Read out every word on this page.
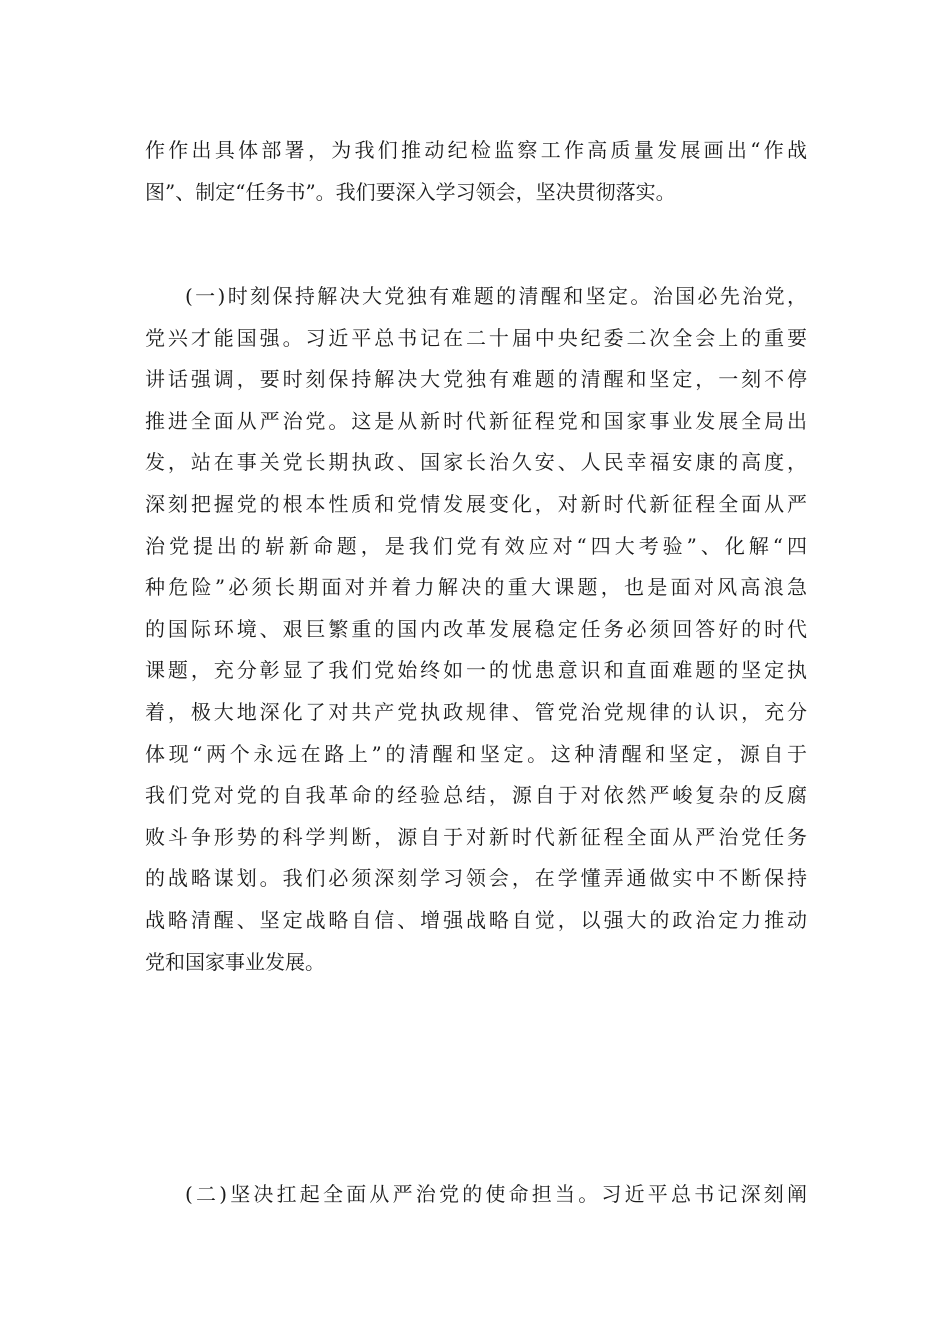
作作出具体部署，为我们推动纪检监察工作高质量发展画出“作战
图”、制定“任务书”。我们要深入学习领会，坚决贯彻落实。
(一)时刻保持解决大党独有难题的清醒和坚定。治国必先治党，
党兴才能国强。习近平总书记在二十届中央纪委二次全会上的重要
讲话强调，要时刻保持解决大党独有难题的清醒和坚定，一刻不停
推进全面从严治党。这是从新时代新征程党和国家事业发展全局出
发，站在事关党长期执政、国家长治久安、人民幸福安康的高度，
深刻把握党的根本性质和党情发展变化，对新时代新征程全面从严
治党提出的崭新命题，是我们党有效应对“四大考验”、化解“四
种危险”必须长期面对并着力解决的重大课题，也是面对风高浪急
的国际环境、艰巨繁重的国内改革发展稳定任务必须回答好的时代
课题，充分彰显了我们党始终如一的忧患意识和直面难题的坚定执
着，极大地深化了对共产党执政规律、管党治党规律的认识，充分
体现“两个永远在路上”的清醒和坚定。这种清醒和坚定，源自于
我们党对党的自我革命的经验总结，源自于对依然严峻复杂的反腐
败斗争形势的科学判断，源自于对新时代新征程全面从严治党任务
的战略谋划。我们必须深刻学习领会，在学懂弄通做实中不断保持
战略清醒、坚定战略自信、增强战略自觉，以强大的政治定力推动
党和国家事业发展。
(二)坚决扛起全面从严治党的使命担当。习近平总书记深刻阐
